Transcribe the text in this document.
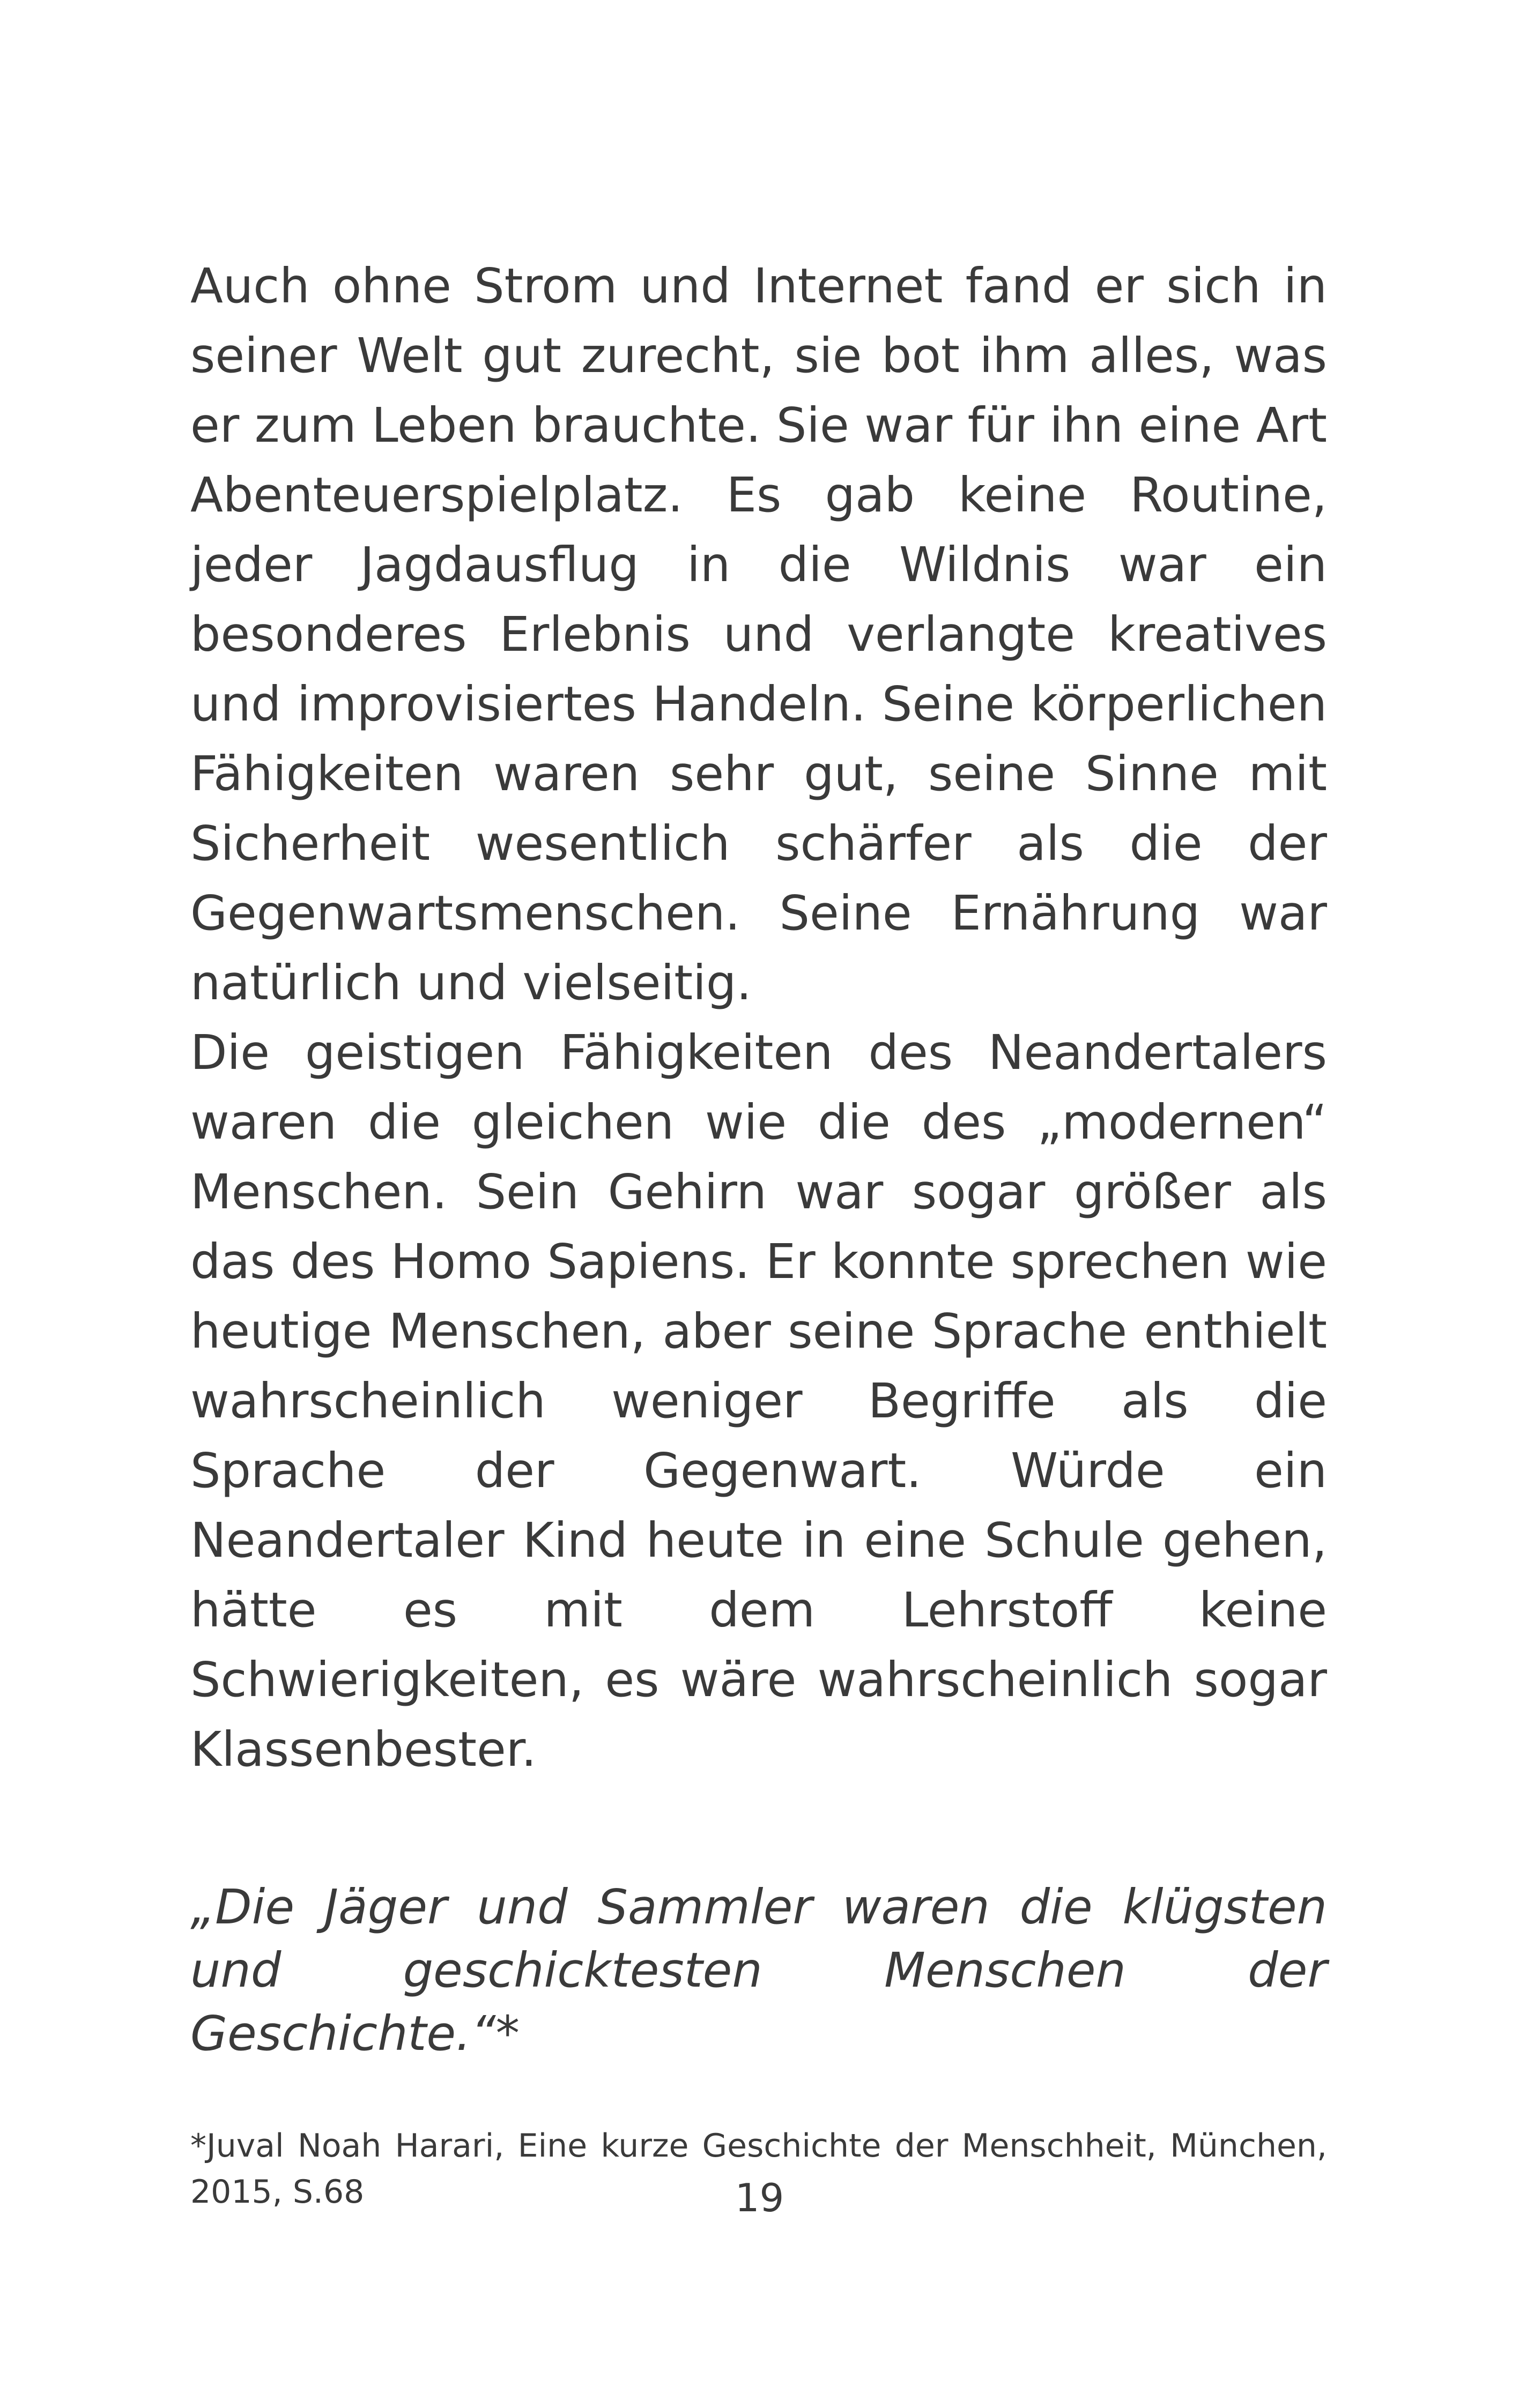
Auch ohne Strom und Internet fand er sich in seiner Welt gut zurecht, sie bot ihm alles, was er zum Leben brauchte. Sie war für ihn eine Art Abenteuerspielplatz. Es gab keine Routine, jeder Jagdausflug in die Wildnis war ein besonderes Erlebnis und verlangte kreatives und improvisiertes Handeln. Seine körperlichen Fähigkeiten waren sehr gut, seine Sinne mit Sicherheit wesentlich schärfer als die der Gegenwartsmenschen. Seine Ernährung war natürlich und vielseitig.

Die geistigen Fähigkeiten des Neandertalers waren die gleichen wie die des „modernen“ Menschen. Sein Gehirn war sogar größer als das des Homo Sapiens. Er konnte sprechen wie heutige Menschen, aber seine Sprache enthielt wahrscheinlich weniger Begriffe als die Sprache der Gegenwart. Würde ein Neandertaler Kind heute in eine Schule gehen, hätte es mit dem Lehrstoff keine Schwierigkeiten, es wäre wahrscheinlich sogar Klassenbester.

„Die Jäger und Sammler waren die klügsten und geschicktesten Menschen der Geschichte.“*

*Juval Noah Harari, Eine kurze Geschichte der Menschheit, München, 2015, S.68	19
